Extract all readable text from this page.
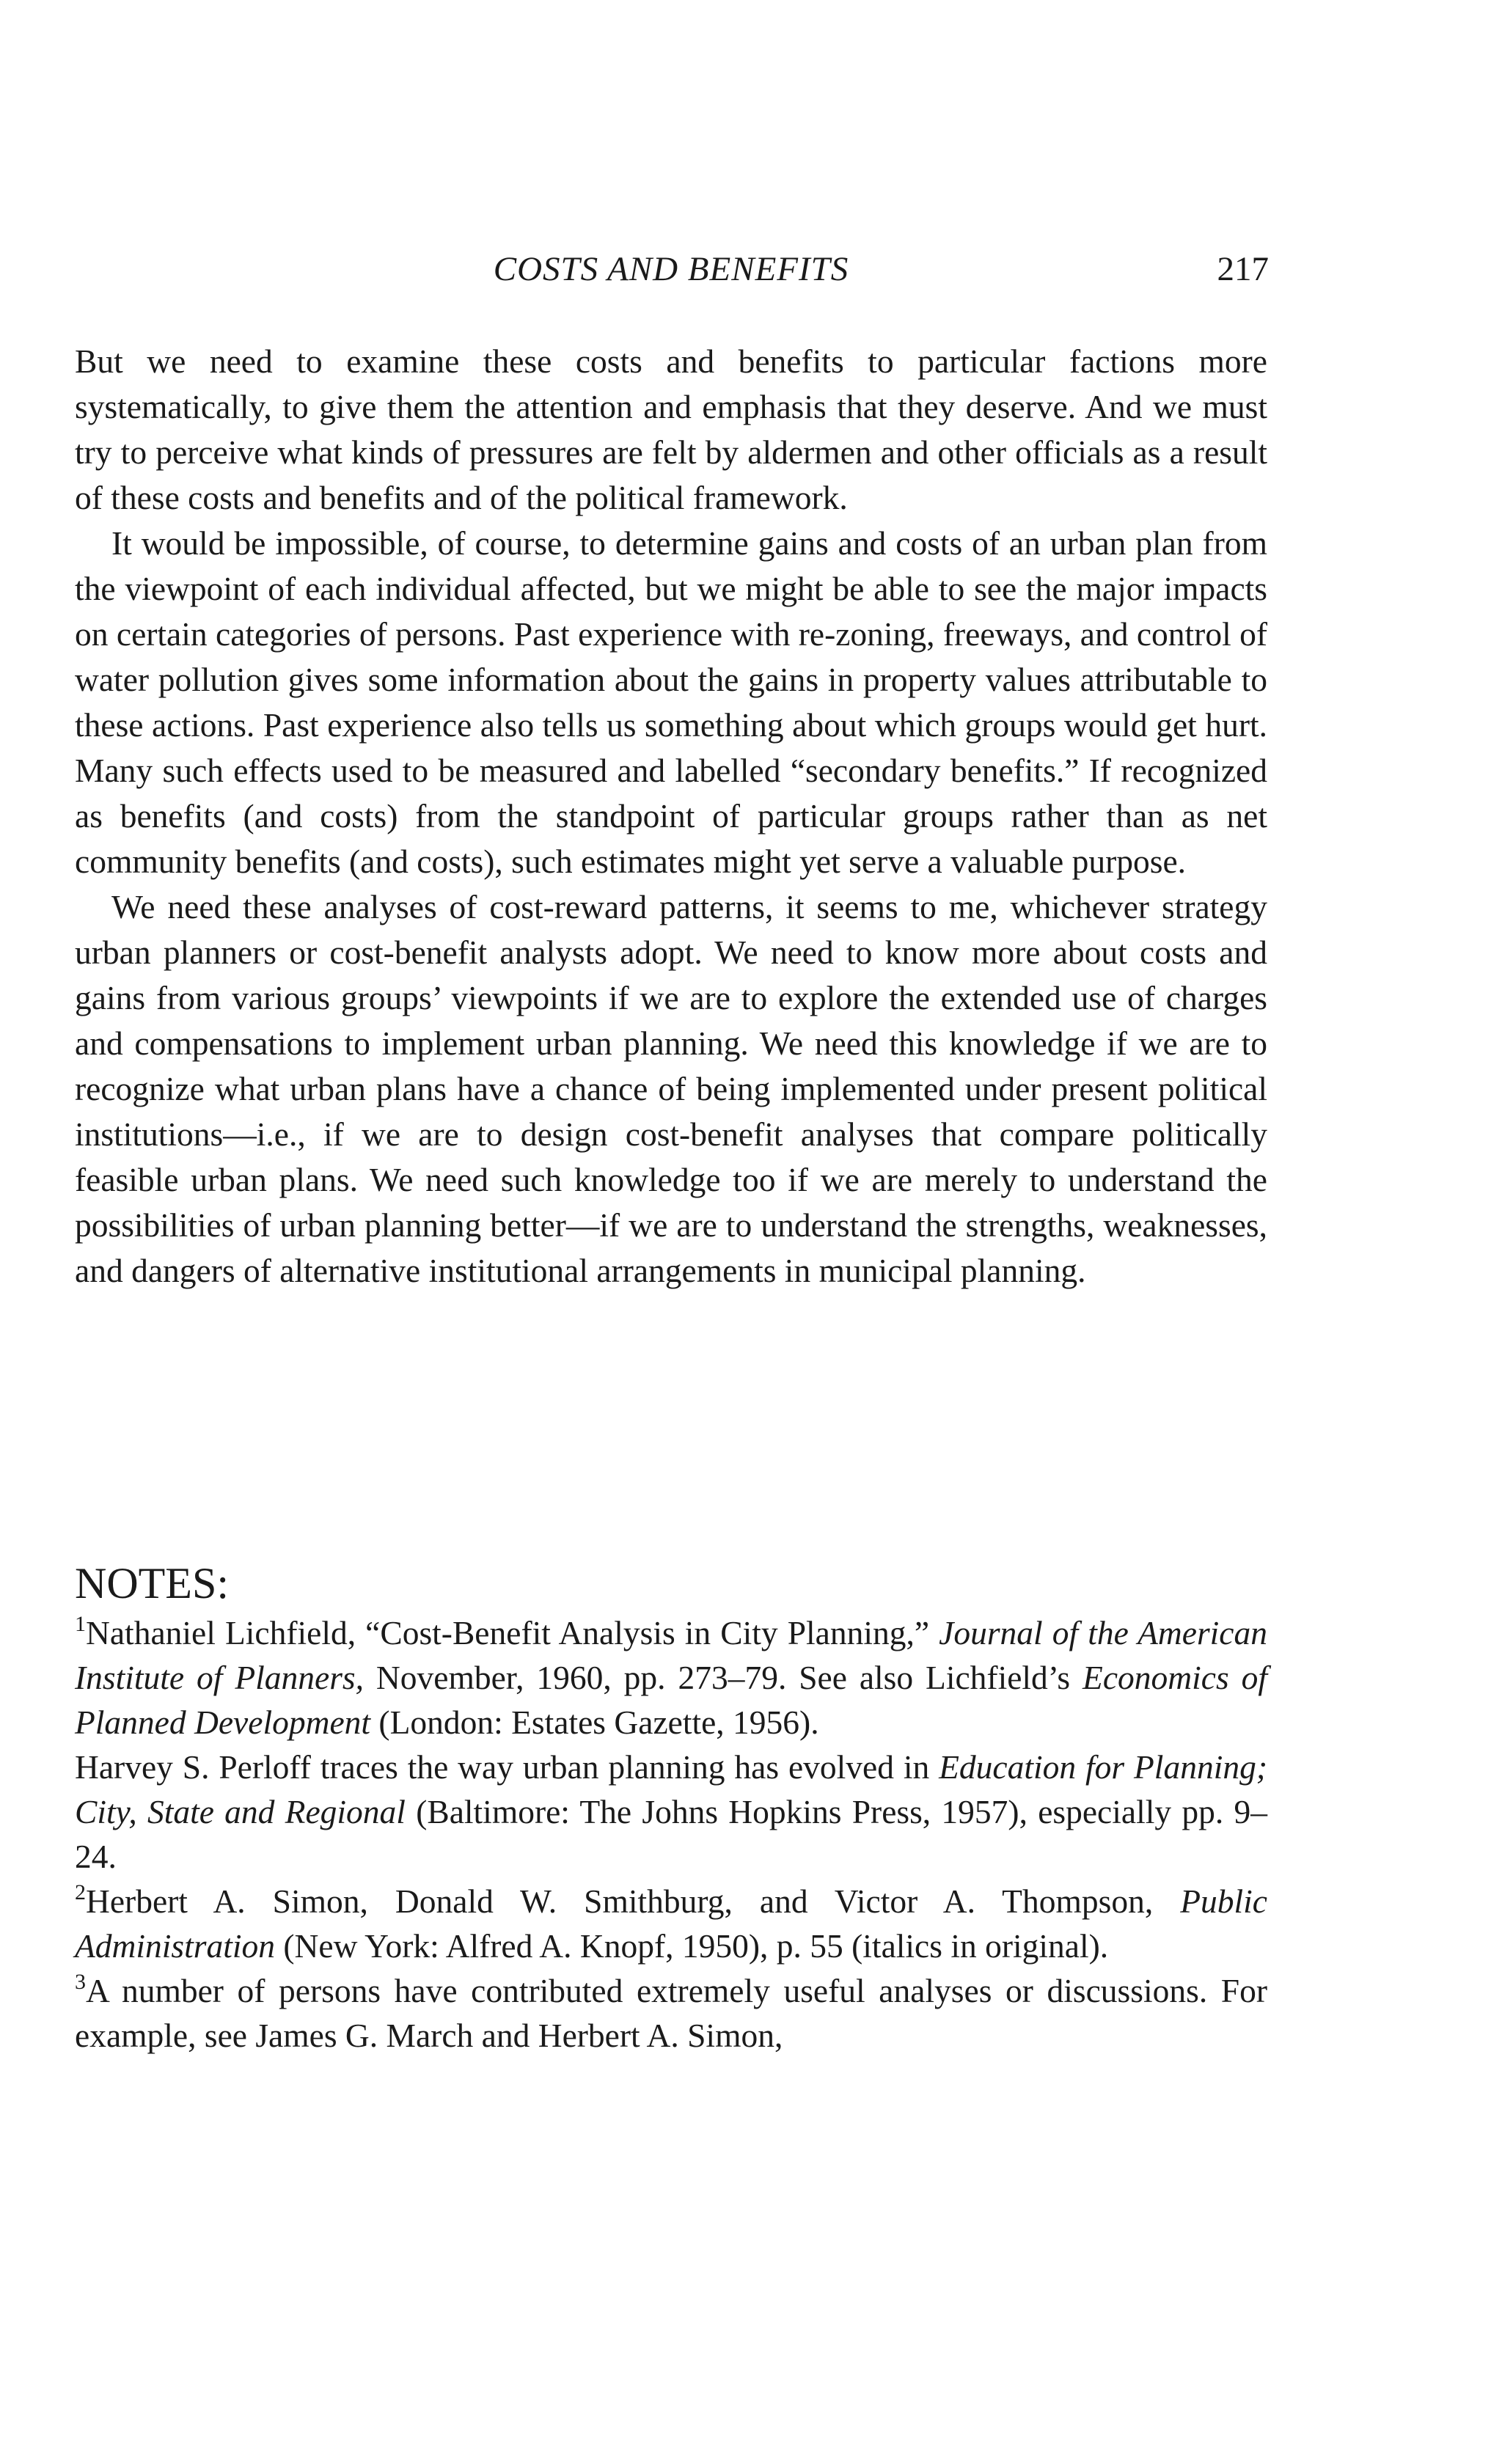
COSTS AND BENEFITS	217

But we need to examine these costs and benefits to particular factions more systematically, to give them the attention and emphasis that they deserve. And we must try to perceive what kinds of pressures are felt by aldermen and other officials as a result of these costs and benefits and of the political framework.

It would be impossible, of course, to determine gains and costs of an urban plan from the viewpoint of each individual affected, but we might be able to see the major impacts on certain categories of persons. Past experience with re-zoning, freeways, and control of water pollution gives some information about the gains in property values attributable to these actions. Past experience also tells us something about which groups would get hurt. Many such effects used to be measured and labelled “secondary benefits.” If recognized as benefits (and costs) from the standpoint of particular groups rather than as net community benefits (and costs), such estimates might yet serve a valuable purpose.

We need these analyses of cost-reward patterns, it seems to me, whichever strategy urban planners or cost-benefit analysts adopt. We need to know more about costs and gains from various groups’ viewpoints if we are to explore the extended use of charges and compensations to implement urban planning. We need this knowledge if we are to recognize what urban plans have a chance of being implemented under present political institutions—i.e., if we are to design cost-benefit analyses that compare politically feasible urban plans. We need such knowledge too if we are merely to understand the possibilities of urban planning better—if we are to understand the strengths, weaknesses, and dangers of alternative institutional arrangements in municipal planning.

NOTES:

$^1$Nathaniel Lichfield, “Cost-Benefit Analysis in City Planning,” Journal of the American Institute of Planners, November, 1960, pp. 273–79. See also Lichfield’s Economics of Planned Development (London: Estates Gazette, 1956).

Harvey S. Perloff traces the way urban planning has evolved in Education for Planning; City, State and Regional (Baltimore: The Johns Hopkins Press, 1957), especially pp. 9–24.

$^2$Herbert A. Simon, Donald W. Smithburg, and Victor A. Thompson, Public Administration (New York: Alfred A. Knopf, 1950), p. 55 (italics in original).

$^3$A number of persons have contributed extremely useful analyses or discussions. For example, see James G. March and Herbert A. Simon,
